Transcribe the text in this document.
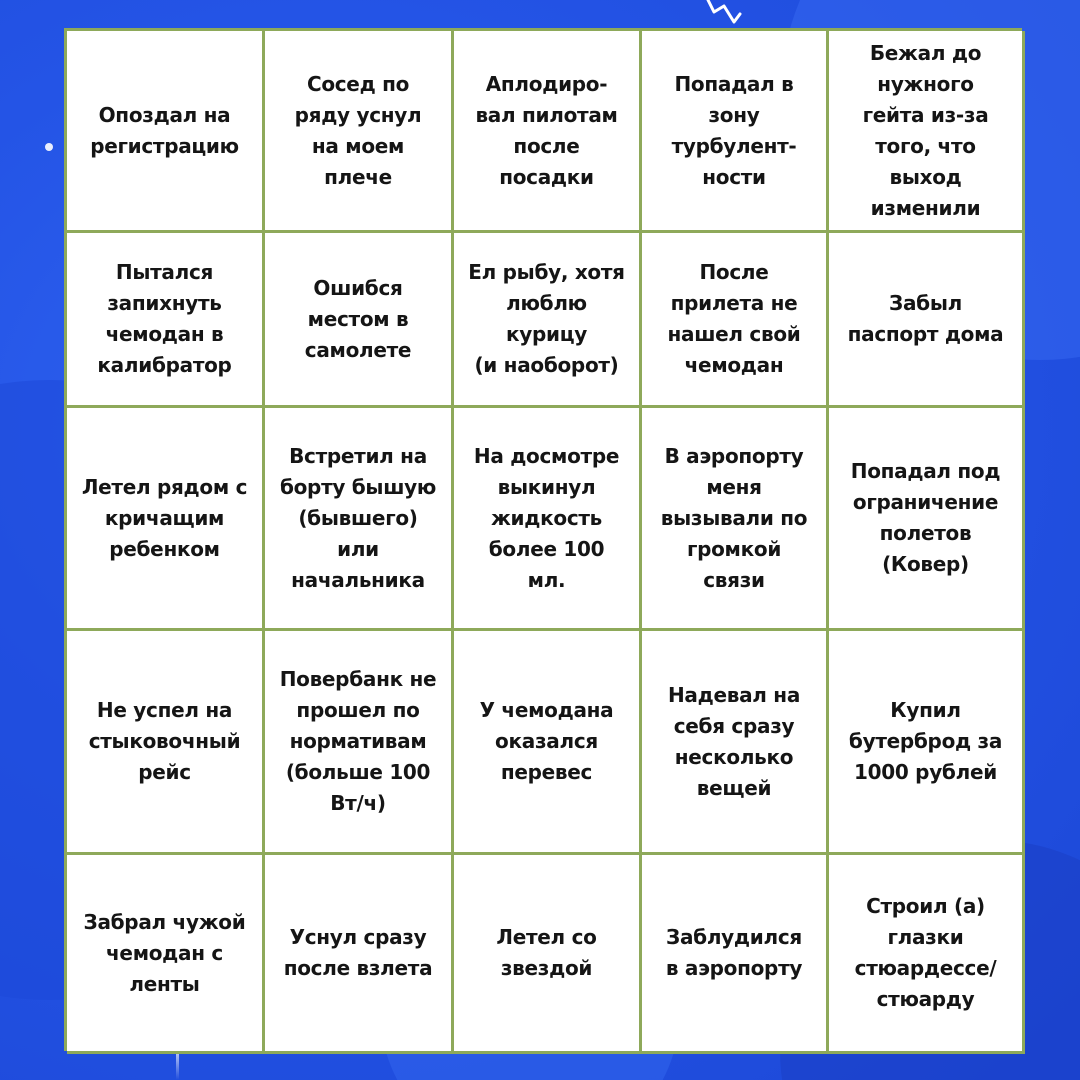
Опоздал на
регистрацию
Сосед по
ряду уснул
на моем
плече
Аплодиро-
вал пилотам
после
посадки
Попадал в
зону
турбулент-
ности
Бежал до
нужного
гейта из-за
того, что
выход
изменили
Пытался
запихнуть
чемодан в
калибратор
Ошибся
местом в
самолете
Ел рыбу, хотя
люблю
курицу
(и наоборот)
После
прилета не
нашел свой
чемодан
Забыл
паспорт дома
Летел рядом с
кричащим
ребенком
Встретил на
борту бышую
(бывшего)
или
начальника
На досмотре
выкинул
жидкость
более 100
мл.
В аэропорту
меня
вызывали по
громкой
связи
Попадал под
ограничение
полетов
(Ковер)
Не успел на
стыковочный
рейс
Повербанк не
прошел по
нормативам
(больше 100
Вт/ч)
У чемодана
оказался
перевес
Надевал на
себя сразу
несколько
вещей
Купил
бутерброд за
1000 рублей
Забрал чужой
чемодан с
ленты
Уснул сразу
после взлета
Летел со
звездой
Заблудился
в аэропорту
Строил (а)
глазки
стюардессе/
стюарду
